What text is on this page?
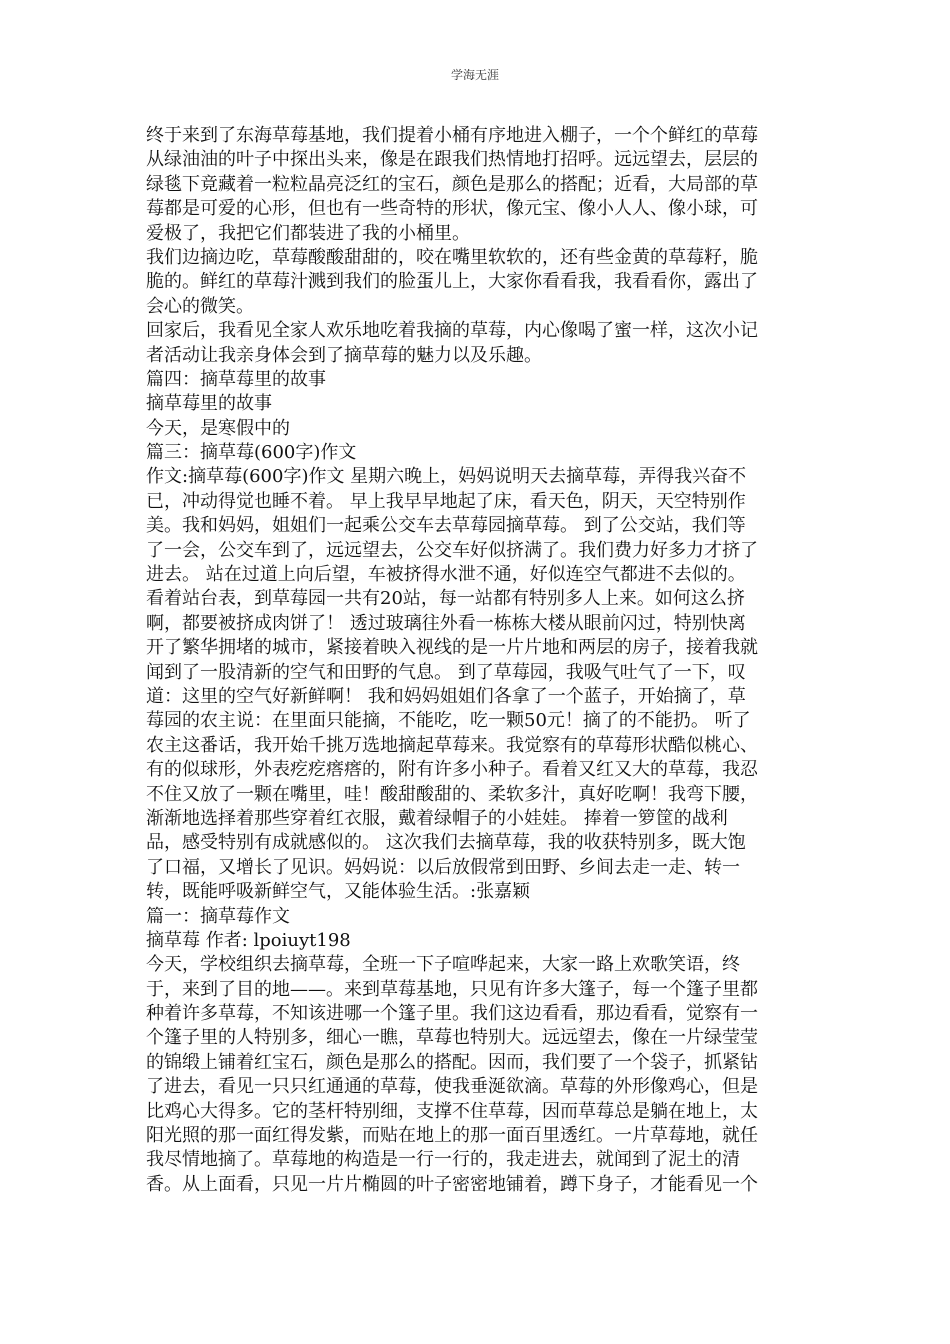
学海无涯
终于来到了东海草莓基地，我们提着小桶有序地进入棚子，一个个鲜红的草莓
从绿油油的叶子中探出头来，像是在跟我们热情地打招呼。远远望去，层层的
绿毯下竟藏着一粒粒晶亮泛红的宝石，颜色是那么的搭配；近看，大局部的草
莓都是可爱的心形，但也有一些奇特的形状，像元宝、像小人人、像小球，可
爱极了，我把它们都装进了我的小桶里。
我们边摘边吃，草莓酸酸甜甜的，咬在嘴里软软的，还有些金黄的草莓籽，脆
脆的。鲜红的草莓汁溅到我们的脸蛋儿上，大家你看看我，我看看你，露出了
会心的微笑。
回家后，我看见全家人欢乐地吃着我摘的草莓，内心像喝了蜜一样，这次小记
者活动让我亲身体会到了摘草莓的魅力以及乐趣。
篇四：摘草莓里的故事
摘草莓里的故事
今天，是寒假中的
篇三：摘草莓(600字)作文
作文:摘草莓(600字)作文 星期六晚上，妈妈说明天去摘草莓，弄得我兴奋不
已，冲动得觉也睡不着。 早上我早早地起了床，看天色，阴天，天空特别作
美。我和妈妈，姐姐们一起乘公交车去草莓园摘草莓。 到了公交站，我们等
了一会，公交车到了，远远望去，公交车好似挤满了。我们费力好多力才挤了
进去。 站在过道上向后望，车被挤得水泄不通，好似连空气都进不去似的。
看着站台表，到草莓园一共有20站，每一站都有特别多人上来。如何这么挤
啊，都要被挤成肉饼了！ 透过玻璃往外看一栋栋大楼从眼前闪过，特别快离
开了繁华拥堵的城市，紧接着映入视线的是一片片地和两层的房子，接着我就
闻到了一股清新的空气和田野的气息。 到了草莓园，我吸气吐气了一下，叹
道：这里的空气好新鲜啊！ 我和妈妈姐姐们各拿了一个蓝子，开始摘了，草
莓园的农主说：在里面只能摘，不能吃，吃一颗50元！摘了的不能扔。 听了
农主这番话，我开始千挑万选地摘起草莓来。我觉察有的草莓形状酷似桃心、
有的似球形，外表疙疙瘩瘩的，附有许多小种子。看着又红又大的草莓，我忍
不住又放了一颗在嘴里，哇！酸甜酸甜的、柔软多汁，真好吃啊！我弯下腰，
渐渐地选择着那些穿着红衣服，戴着绿帽子的小娃娃。 捧着一箩筐的战利
品，感受特别有成就感似的。 这次我们去摘草莓，我的收获特别多，既大饱
了口福，又增长了见识。妈妈说：以后放假常到田野、乡间去走一走、转一
转，既能呼吸新鲜空气，又能体验生活。:张嘉颖
篇一：摘草莓作文
摘草莓 作者: lpoiuyt198
今天，学校组织去摘草莓，全班一下子喧哗起来，大家一路上欢歌笑语，终
于，来到了目的地——。来到草莓基地，只见有许多大篷子，每一个篷子里都
种着许多草莓，不知该进哪一个篷子里。我们这边看看，那边看看，觉察有一
个篷子里的人特别多，细心一瞧，草莓也特别大。远远望去，像在一片绿莹莹
的锦缎上铺着红宝石，颜色是那么的搭配。因而，我们要了一个袋子，抓紧钻
了进去，看见一只只红通通的草莓，使我垂涎欲滴。草莓的外形像鸡心，但是
比鸡心大得多。它的茎杆特别细，支撑不住草莓，因而草莓总是躺在地上，太
阳光照的那一面红得发紫，而贴在地上的那一面百里透红。一片草莓地，就任
我尽情地摘了。草莓地的构造是一行一行的，我走进去，就闻到了泥土的清
香。从上面看，只见一片片椭圆的叶子密密地铺着，蹲下身子，才能看见一个
